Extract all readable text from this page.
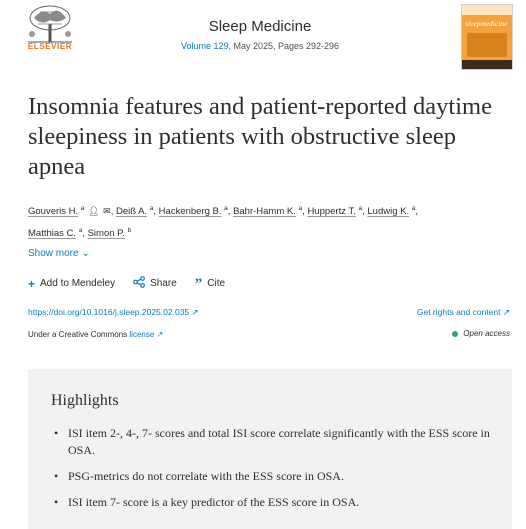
ELSEVIER
Sleep Medicine
Volume 129, May 2025, Pages 292-296
sleepmedicine
Insomnia features and patient-reported daytime sleepiness in patients with obstructive sleep apnea
Gouveris H. $^a$ 👤︎ ✉, Deiß A. $^a$, Hackenberg B. $^a$, Bahr-Hamm K. $^a$, Huppertz T. $^a$, Ludwig K. $^a$,
Matthias C. $^a$, Simon P. $^b$
Show more ⌄
+ Add to Mendeley	Share ” Cite
https://doi.org/10.1016/j.sleep.2025.02.035 ↗	Get rights and content ↗
Under a Creative Commons license ↗	Open access
Highlights
• ISI item 2-, 4-, 7- scores and total ISI score correlate significantly with the ESS score in OSA.
• PSG-metrics do not correlate with the ESS score in OSA.
• ISI item 7- score is a key predictor of the ESS score in OSA.
